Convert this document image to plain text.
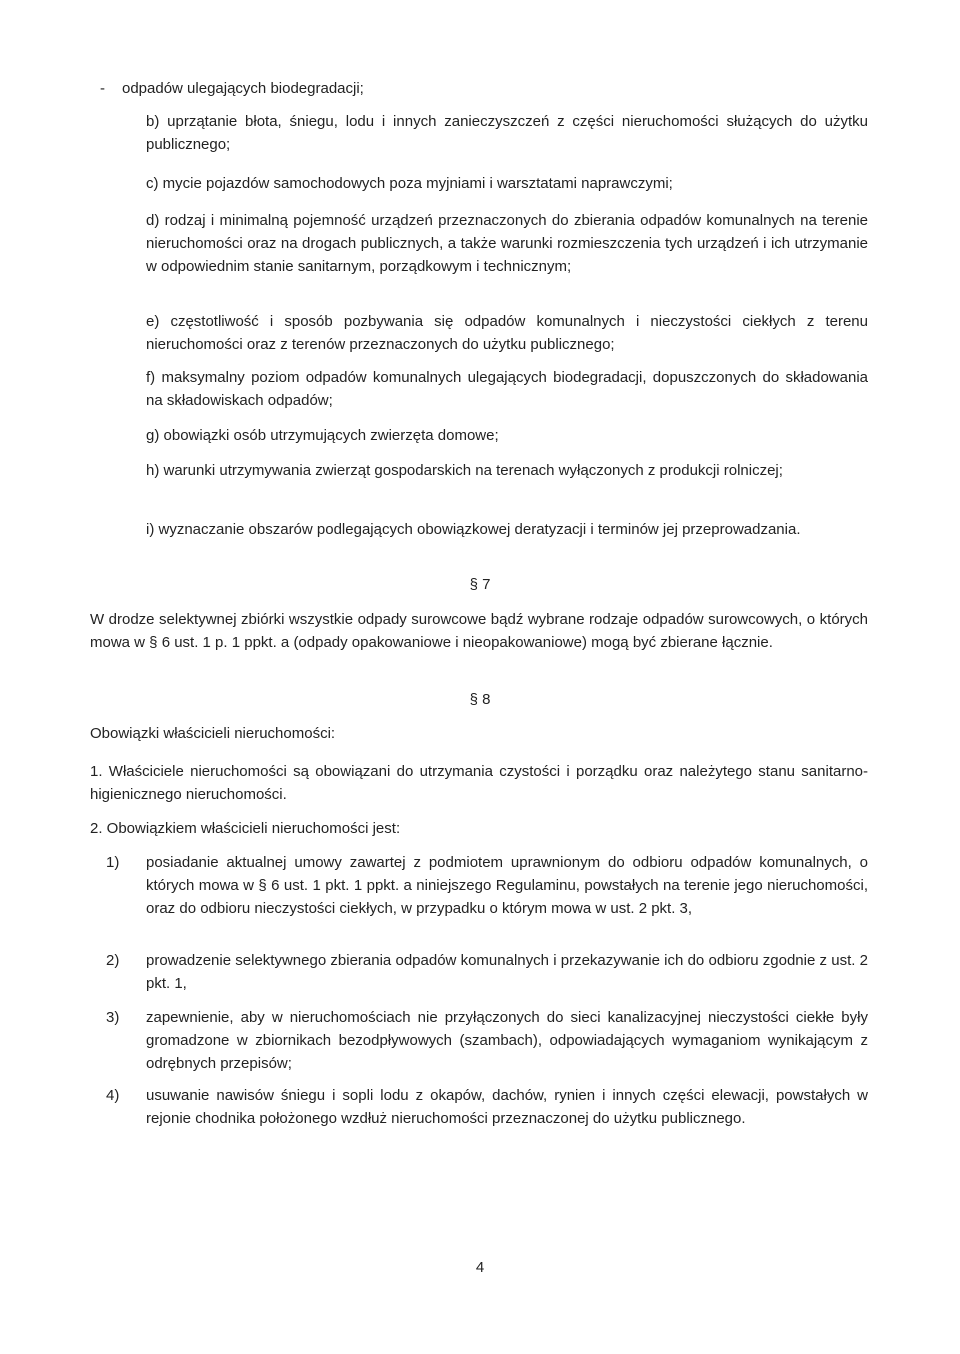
- odpadów ulegających biodegradacji;

b) uprzątanie błota, śniegu, lodu i innych zanieczyszczeń z części nieruchomości służących do użytku publicznego;

c) mycie pojazdów samochodowych poza myjniami i warsztatami naprawczymi;

d) rodzaj i minimalną pojemność urządzeń przeznaczonych do zbierania odpadów komunalnych na terenie nieruchomości oraz na drogach publicznych, a także warunki rozmieszczenia tych urządzeń i ich utrzymanie w odpowiednim stanie sanitarnym, porządkowym i technicznym;

e) częstotliwość i sposób pozbywania się odpadów komunalnych i nieczystości ciekłych z terenu nieruchomości oraz z terenów przeznaczonych do użytku publicznego;

f) maksymalny poziom odpadów komunalnych ulegających biodegradacji, dopuszczonych do składowania na składowiskach odpadów;

g) obowiązki osób utrzymujących zwierzęta domowe;

h) warunki utrzymywania zwierząt gospodarskich na terenach wyłączonych z produkcji rolniczej;

i) wyznaczanie obszarów podlegających obowiązkowej deratyzacji i terminów jej przeprowadzania.

§ 7

W drodze selektywnej zbiórki wszystkie odpady surowcowe bądź wybrane rodzaje odpadów surowcowych, o których mowa w § 6 ust. 1 p. 1 ppkt. a (odpady opakowaniowe i nieopakowaniowe) mogą być zbierane łącznie.

§ 8

Obowiązki właścicieli nieruchomości:

1. Właściciele nieruchomości są obowiązani do utrzymania czystości i porządku oraz należytego stanu sanitarno-higienicznego nieruchomości.

2. Obowiązkiem właścicieli nieruchomości jest:

1) posiadanie aktualnej umowy zawartej z podmiotem uprawnionym do odbioru odpadów komunalnych, o których mowa w § 6 ust. 1 pkt. 1 ppkt. a niniejszego Regulaminu, powstałych na terenie jego nieruchomości, oraz do odbioru nieczystości ciekłych, w przypadku o którym mowa w ust. 2 pkt. 3,

2) prowadzenie selektywnego zbierania odpadów komunalnych i przekazywanie ich do odbioru zgodnie z ust. 2 pkt. 1,

3) zapewnienie, aby w nieruchomościach nie przyłączonych do sieci kanalizacyjnej nieczystości ciekłe były gromadzone w zbiornikach bezodpływowych (szambach), odpowiadających wymaganiom wynikającym z odrębnych przepisów;

4) usuwanie nawisów śniegu i sopli lodu z okapów, dachów, rynien i innych części elewacji, powstałych w rejonie chodnika położonego wzdłuż nieruchomości przeznaczonej do użytku publicznego.

4
